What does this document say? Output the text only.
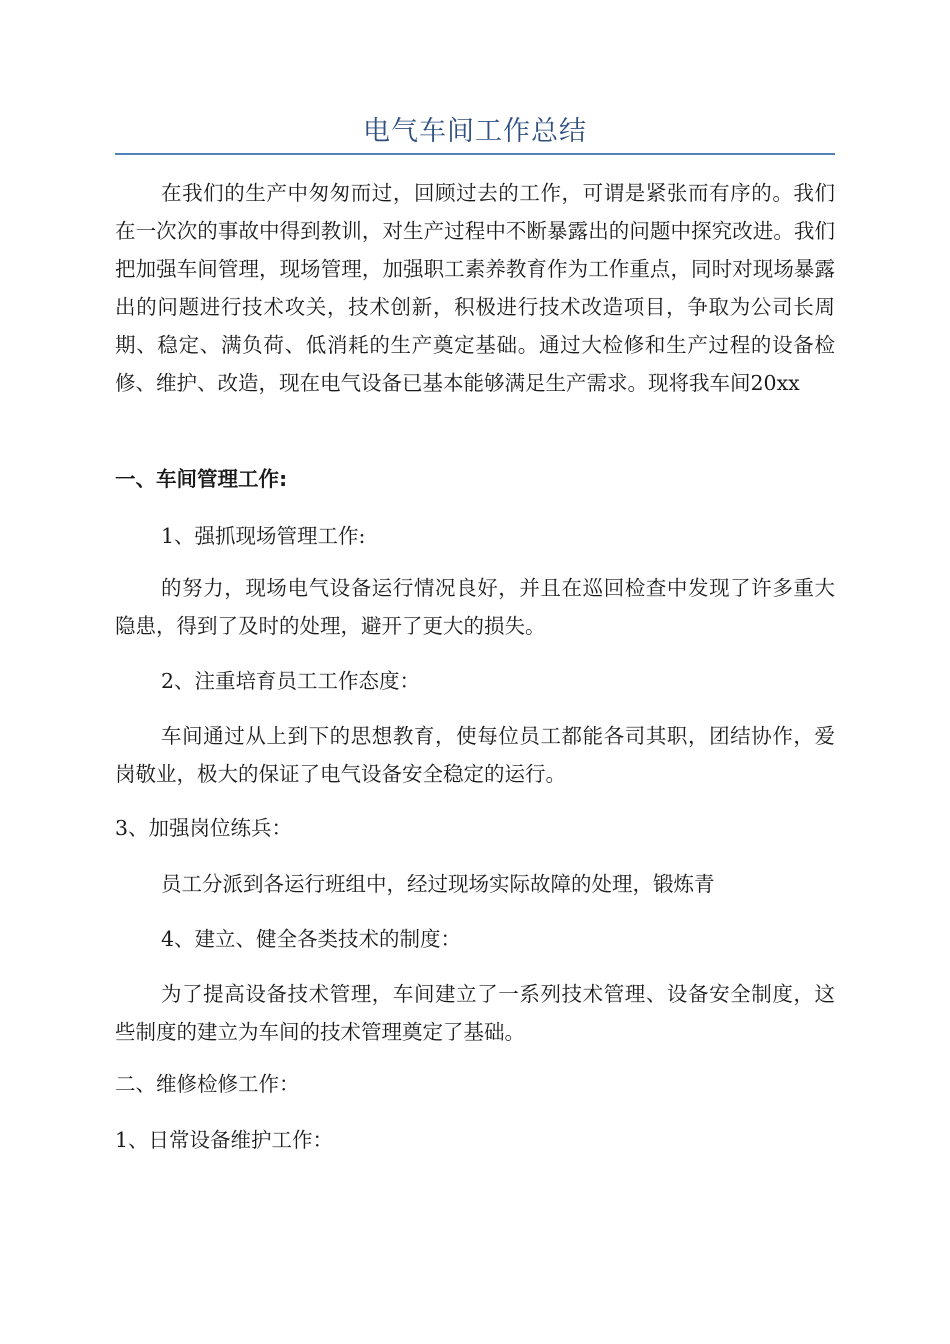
电气车间工作总结

在我们的生产中匆匆而过，回顾过去的工作，可谓是紧张而有序的。我们在一次次的事故中得到教训，对生产过程中不断暴露出的问题中探究改进。我们把加强车间管理，现场管理，加强职工素养教育作为工作重点，同时对现场暴露出的问题进行技术攻关，技术创新，积极进行技术改造项目，争取为公司长周期、稳定、满负荷、低消耗的生产奠定基础。通过大检修和生产过程的设备检修、维护、改造，现在电气设备已基本能够满足生产需求。现将我车间20xx

一、车间管理工作:

1、强抓现场管理工作:

的努力，现场电气设备运行情况良好，并且在巡回检查中发现了许多重大隐患，得到了及时的处理，避开了更大的损失。

2、注重培育员工工作态度：

车间通过从上到下的思想教育，使每位员工都能各司其职，团结协作，爱岗敬业，极大的保证了电气设备安全稳定的运行。

3、加强岗位练兵：

员工分派到各运行班组中，经过现场实际故障的处理，锻炼青

4、建立、健全各类技术的制度：

为了提高设备技术管理，车间建立了一系列技术管理、设备安全制度，这些制度的建立为车间的技术管理奠定了基础。

二、维修检修工作：

1、日常设备维护工作：
